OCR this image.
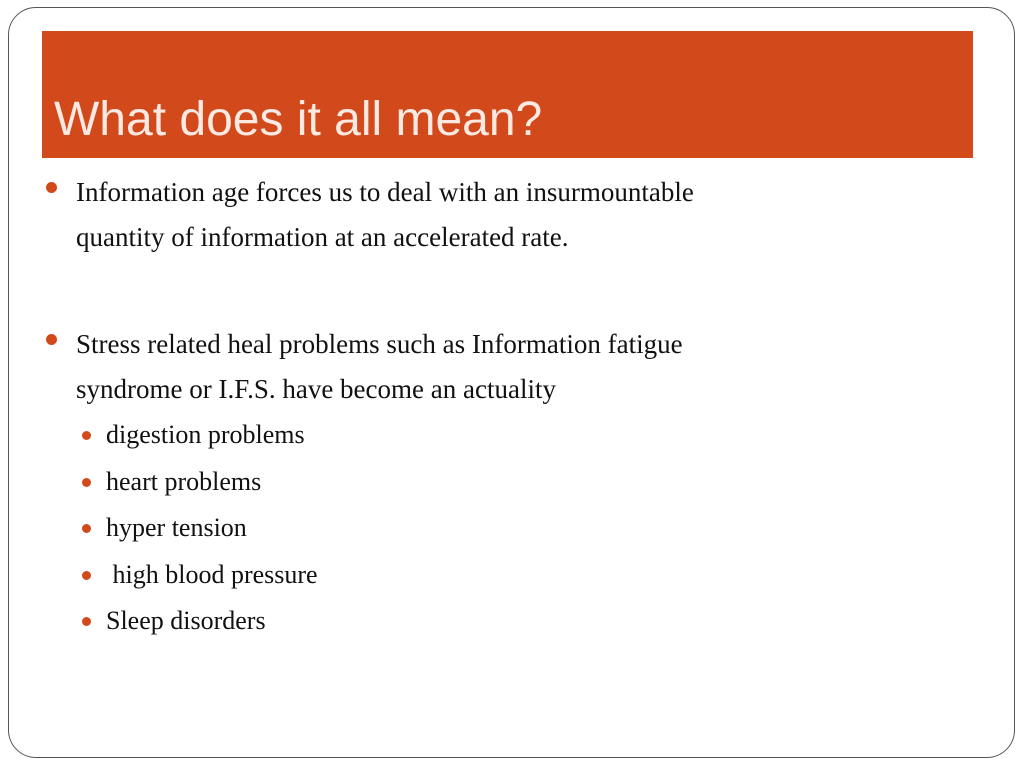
What does it all mean?
Information age forces us to deal with an insurmountable
quantity of information at an accelerated rate.
Stress related heal problems such as Information fatigue
syndrome or I.F.S. have become an actuality
digestion problems
heart problems
hyper tension
high blood pressure
Sleep disorders
